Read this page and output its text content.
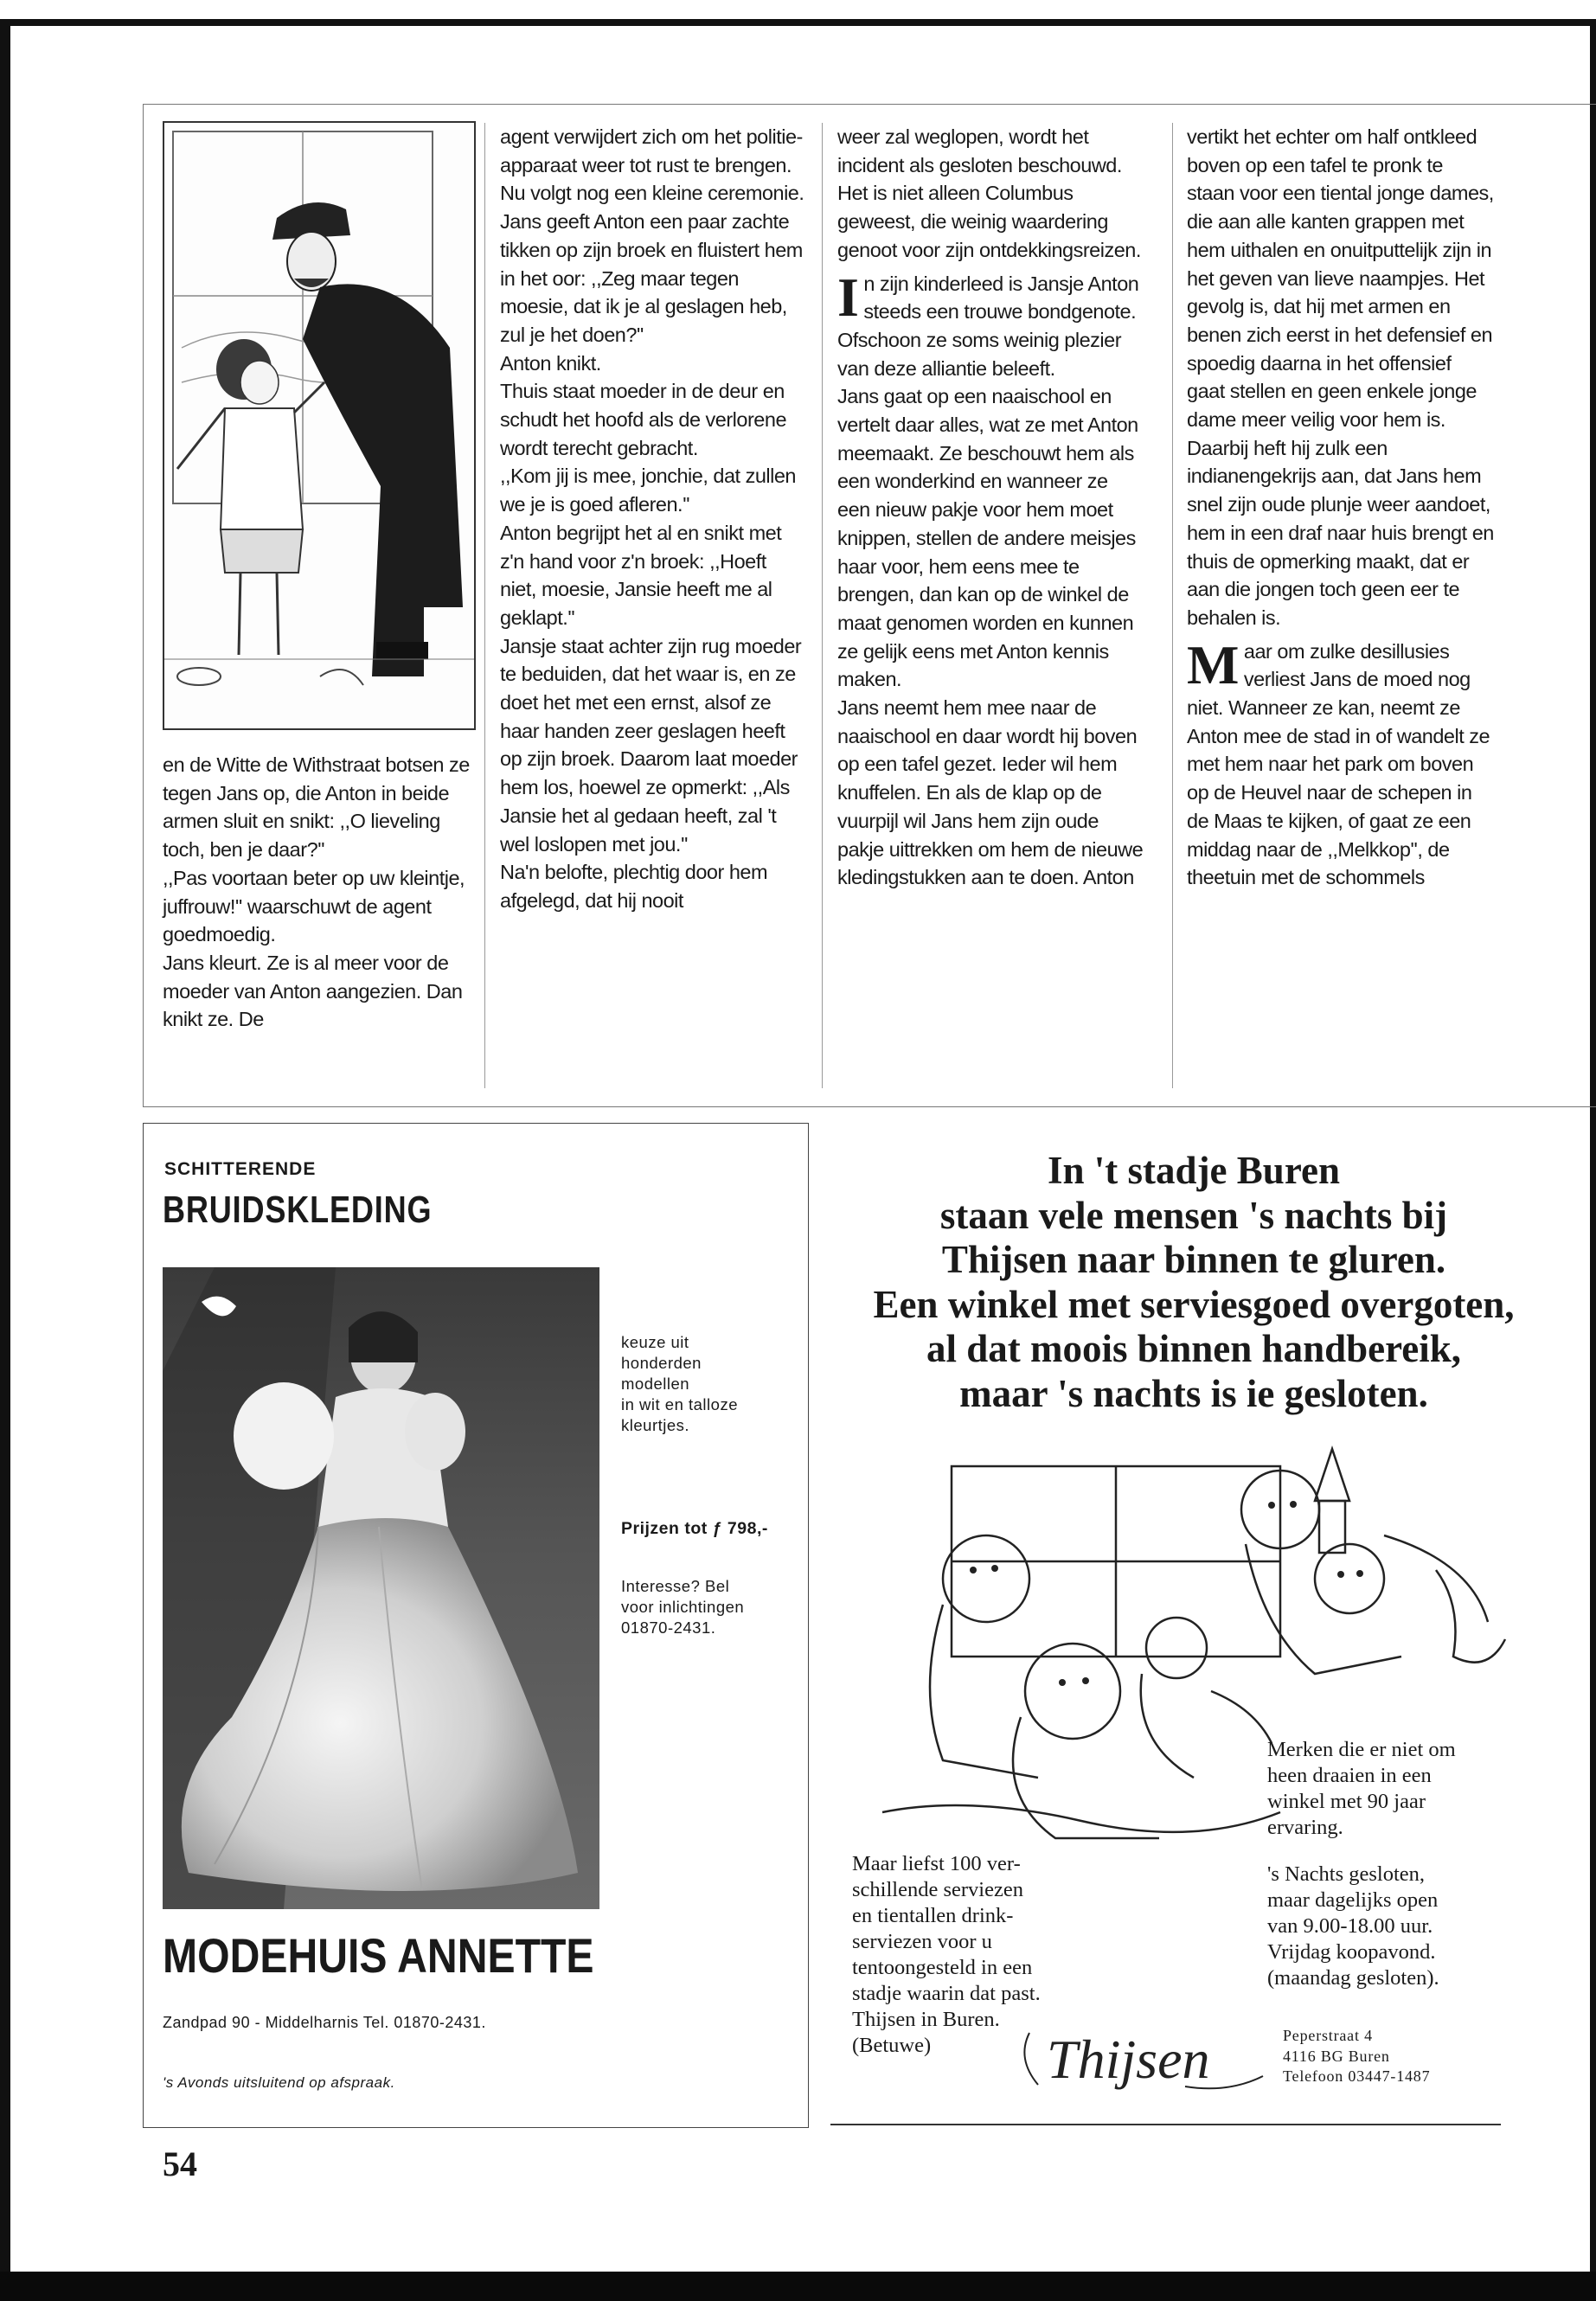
en de Witte de Withstraat botsen ze tegen Jans op, die Anton in beide armen sluit en snikt: ,,O lieveling toch, ben je daar?''

,,Pas voortaan beter op uw kleintje, juffrouw!'' waarschuwt de agent goedmoedig.

Jans kleurt. Ze is al meer voor de moeder van Anton aangezien. Dan knikt ze. De

agent verwijdert zich om het politie-apparaat weer tot rust te brengen.

Nu volgt nog een kleine ceremonie. Jans geeft Anton een paar zachte tikken op zijn broek en fluistert hem in het oor: ,,Zeg maar tegen moesie, dat ik je al geslagen heb, zul je het doen?''

Anton knikt.

Thuis staat moeder in de deur en schudt het hoofd als de verlorene wordt terecht gebracht.

,,Kom jij is mee, jonchie, dat zullen we je is goed afleren.''

Anton begrijpt het al en snikt met z'n hand voor z'n broek: ,,Hoeft niet, moesie, Jansie heeft me al geklapt.''

Jansje staat achter zijn rug moeder te beduiden, dat het waar is, en ze doet het met een ernst, alsof ze haar handen zeer geslagen heeft op zijn broek. Daarom laat moeder hem los, hoewel ze opmerkt: ,,Als Jansie het al gedaan heeft, zal 't wel loslopen met jou.''

Na'n belofte, plechtig door hem afgelegd, dat hij nooit

weer zal weglopen, wordt het incident als gesloten beschouwd. Het is niet alleen Columbus geweest, die weinig waardering genoot voor zijn ontdekkingsreizen.

In zijn kinderleed is Jansje Anton steeds een trouwe bondgenote. Ofschoon ze soms weinig plezier van deze alliantie beleeft.

Jans gaat op een naaischool en vertelt daar alles, wat ze met Anton meemaakt. Ze beschouwt hem als een wonderkind en wanneer ze een nieuw pakje voor hem moet knippen, stellen de andere meisjes haar voor, hem eens mee te brengen, dan kan op de winkel de maat genomen worden en kunnen ze gelijk eens met Anton kennis maken.

Jans neemt hem mee naar de naaischool en daar wordt hij boven op een tafel gezet. Ieder wil hem knuffelen. En als de klap op de vuurpijl wil Jans hem zijn oude pakje uittrekken om hem de nieuwe kledingstukken aan te doen. Anton

vertikt het echter om half ontkleed boven op een tafel te pronk te staan voor een tiental jonge dames, die aan alle kanten grappen met hem uithalen en onuitputtelijk zijn in het geven van lieve naampjes. Het gevolg is, dat hij met armen en benen zich eerst in het defensief en spoedig daarna in het offensief gaat stellen en geen enkele jonge dame meer veilig voor hem is. Daarbij heft hij zulk een indianengekrijs aan, dat Jans hem snel zijn oude plunje weer aandoet, hem in een draf naar huis brengt en thuis de opmerking maakt, dat er aan die jongen toch geen eer te behalen is.

Maar om zulke desillusies verliest Jans de moed nog niet. Wanneer ze kan, neemt ze Anton mee de stad in of wandelt ze met hem naar het park om boven op de Heuvel naar de schepen in de Maas te kijken, of gaat ze een middag naar de ,,Melkkop'', de theetuin met de schommels

SCHITTERENDE
BRUIDSKLEDING
keuze uit
honderden
modellen
in wit en talloze
kleurtjes.
Prijzen tot ƒ 798,-
Interesse? Bel
voor inlichtingen
01870-2431.
MODEHUIS ANNETTE
Zandpad 90 - Middelharnis Tel. 01870-2431.
's Avonds uitsluitend op afspraak.
In 't stadje Buren
staan vele mensen 's nachts bij
Thijsen naar binnen te gluren.
Een winkel met serviesgoed overgoten,
al dat moois binnen handbereik,
maar 's nachts is ie gesloten.
Merken die er niet om
heen draaien in een
winkel met 90 jaar
ervaring.
's Nachts gesloten,
maar dagelijks open
van 9.00-18.00 uur.
Vrijdag koopavond.
(maandag gesloten).
Maar liefst 100 ver-
schillende serviezen
en tientallen drink-
serviezen voor u
tentoongesteld in een
stadje waarin dat past.
Thijsen in Buren.
(Betuwe)	Thijsen	Peperstraat 4
4116 BG Buren
Telefoon 03447-1487
54
